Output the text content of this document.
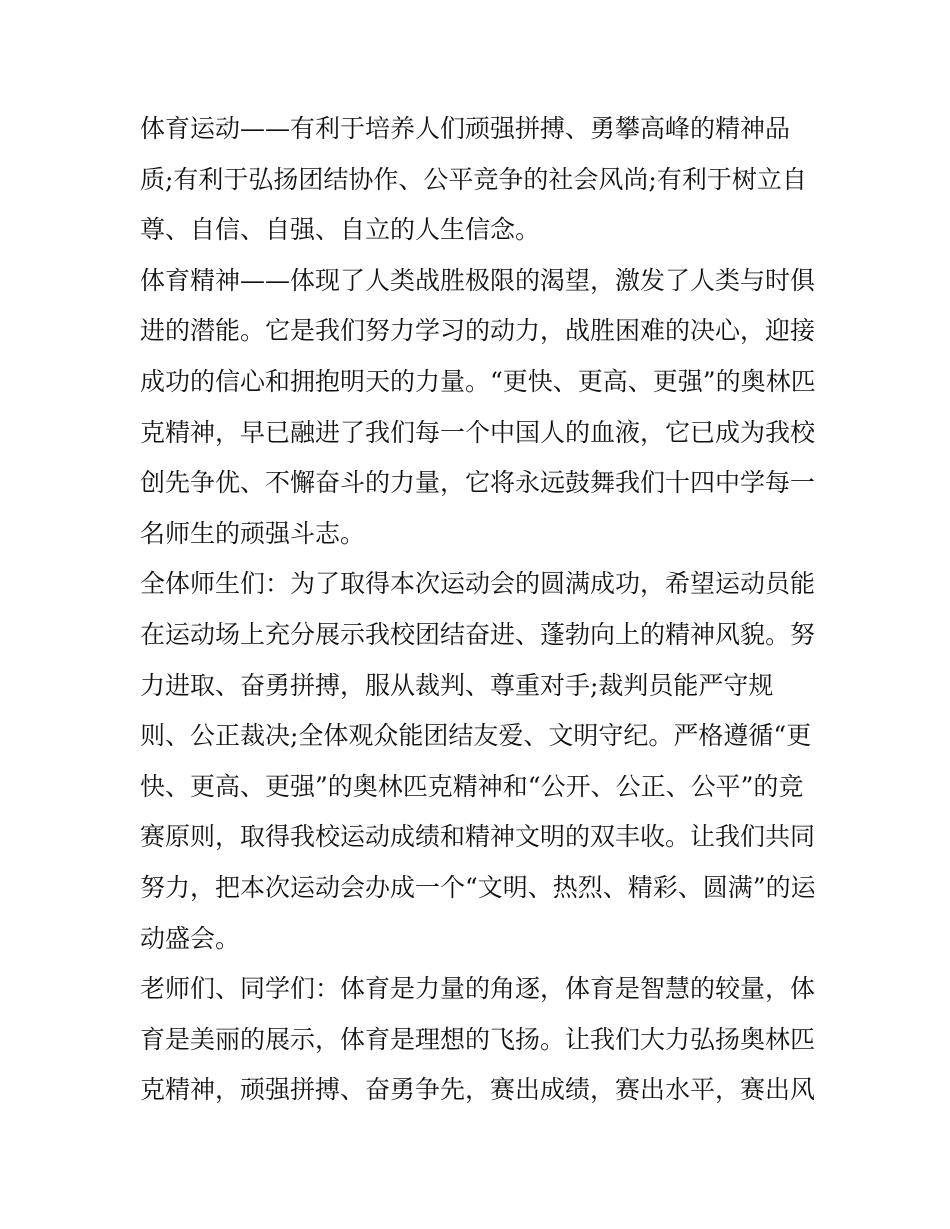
体育运动——有利于培养人们顽强拼搏、勇攀高峰的精神品
质;有利于弘扬团结协作、公平竞争的社会风尚;有利于树立自
尊、自信、自强、自立的人生信念。
体育精神——体现了人类战胜极限的渴望，激发了人类与时俱
进的潜能。它是我们努力学习的动力，战胜困难的决心，迎接
成功的信心和拥抱明天的力量。“更快、更高、更强”的奥林匹
克精神，早已融进了我们每一个中国人的血液，它已成为我校
创先争优、不懈奋斗的力量，它将永远鼓舞我们十四中学每一
名师生的顽强斗志。
全体师生们：为了取得本次运动会的圆满成功，希望运动员能
在运动场上充分展示我校团结奋进、蓬勃向上的精神风貌。努
力进取、奋勇拼搏，服从裁判、尊重对手;裁判员能严守规
则、公正裁决;全体观众能团结友爱、文明守纪。严格遵循“更
快、更高、更强”的奥林匹克精神和“公开、公正、公平”的竞
赛原则，取得我校运动成绩和精神文明的双丰收。让我们共同
努力，把本次运动会办成一个“文明、热烈、精彩、圆满”的运
动盛会。
老师们、同学们：体育是力量的角逐，体育是智慧的较量，体
育是美丽的展示，体育是理想的飞扬。让我们大力弘扬奥林匹
克精神，顽强拼搏、奋勇争先，赛出成绩，赛出水平，赛出风
